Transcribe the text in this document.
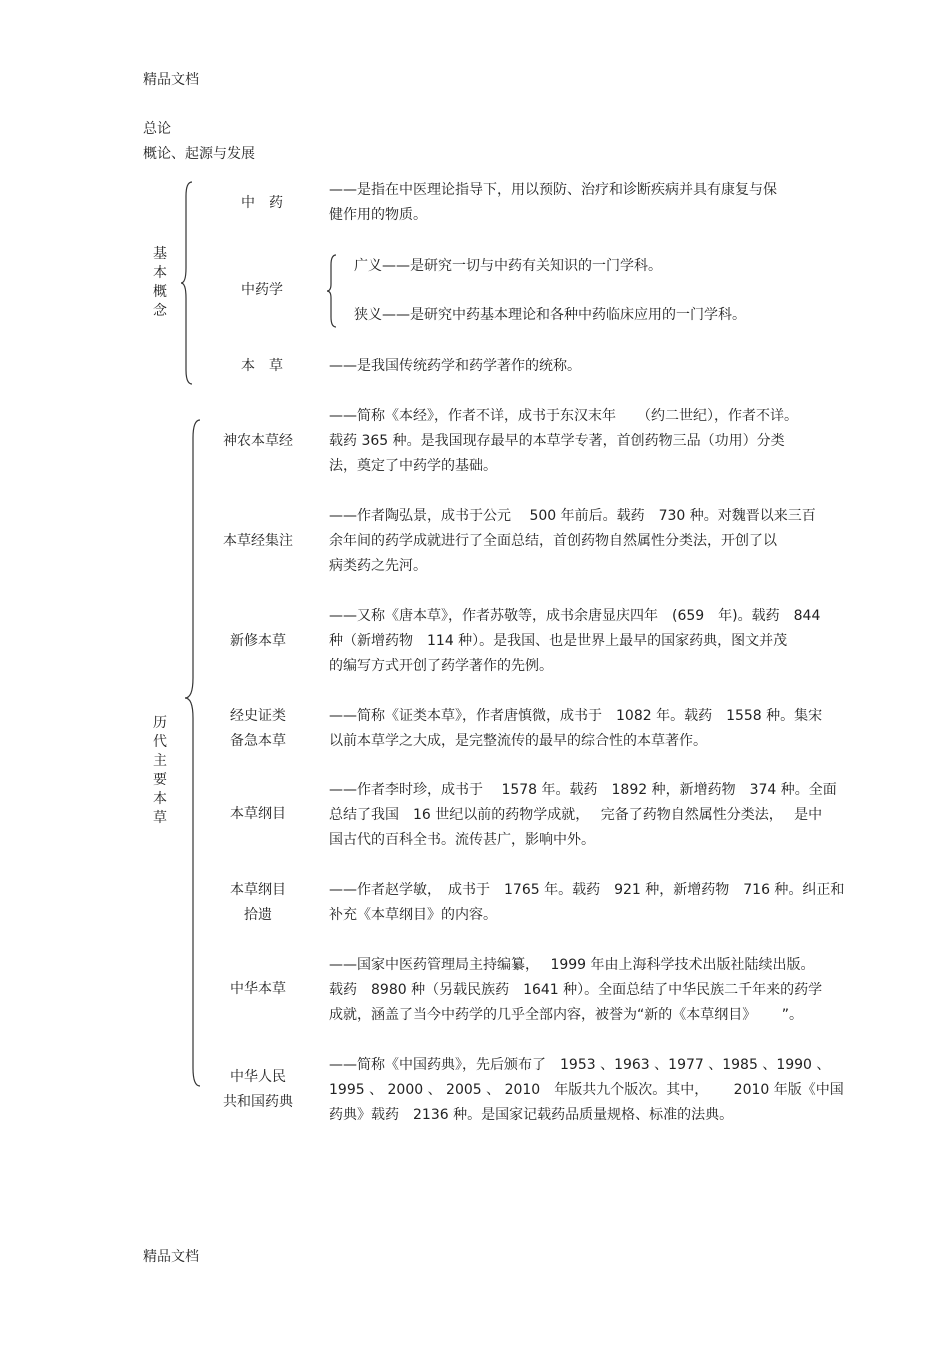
精品文档
总论
概论、起源与发展
基本概念
中　药
——是指在中医理论指导下，用以预防、治疗和诊断疾病并具有康复与保
健作用的物质。
中药学
广义——是研究一切与中药有关知识的一门学科。
狭义——是研究中药基本理论和各种中药临床应用的一门学科。
本　草	——是我国传统药学和药学著作的统称。
历代主要本草
神农本草经
——简称《本经》，作者不详，成书于东汉末年　　（约二世纪），作者不详。
载药 365 种。是我国现存最早的本草学专著，首创药物三品（功用）分类
法，奠定了中药学的基础。
本草经集注
——作者陶弘景，成书于公元　 500 年前后。载药　730 种。对魏晋以来三百
余年间的药学成就进行了全面总结，首创药物自然属性分类法，开创了以
病类药之先河。
新修本草
——又称《唐本草》，作者苏敬等，成书余唐显庆四年　(659　年)。载药　844
种（新增药物　114 种）。是我国、也是世界上最早的国家药典，图文并茂
的编写方式开创了药学著作的先例。
经史证类
备急本草
——简称《证类本草》，作者唐慎微，成书于　1082 年。载药　1558 种。集宋
以前本草学之大成，是完整流传的最早的综合性的本草著作。
本草纲目
——作者李时珍，成书于　 1578 年。载药　1892 种，新增药物　374 种。全面
总结了我国　16 世纪以前的药物学成就，　 完备了药物自然属性分类法，　 是中
国古代的百科全书。流传甚广，影响中外。
本草纲目
拾遗
——作者赵学敏，　成书于　1765 年。载药　921 种，新增药物　716 种。纠正和
补充《本草纲目》的内容。
中华本草
——国家中医药管理局主持编纂，　 1999 年由上海科学技术出版社陆续出版。
载药　8980 种（另载民族药　1641 种）。全面总结了中华民族二千年来的药学
成就，涵盖了当今中药学的几乎全部内容，被誉为“新的《本草纲目》　　 ”。
中华人民
共和国药典
——简称《中国药典》，先后颁布了　1953 、1963 、1977 、1985 、1990 、
1995 、 2000 、 2005 、 2010　年版共九个版次。其中，　 　2010 年版《中国
药典》载药　2136 种。是国家记载药品质量规格、标准的法典。
精品文档
